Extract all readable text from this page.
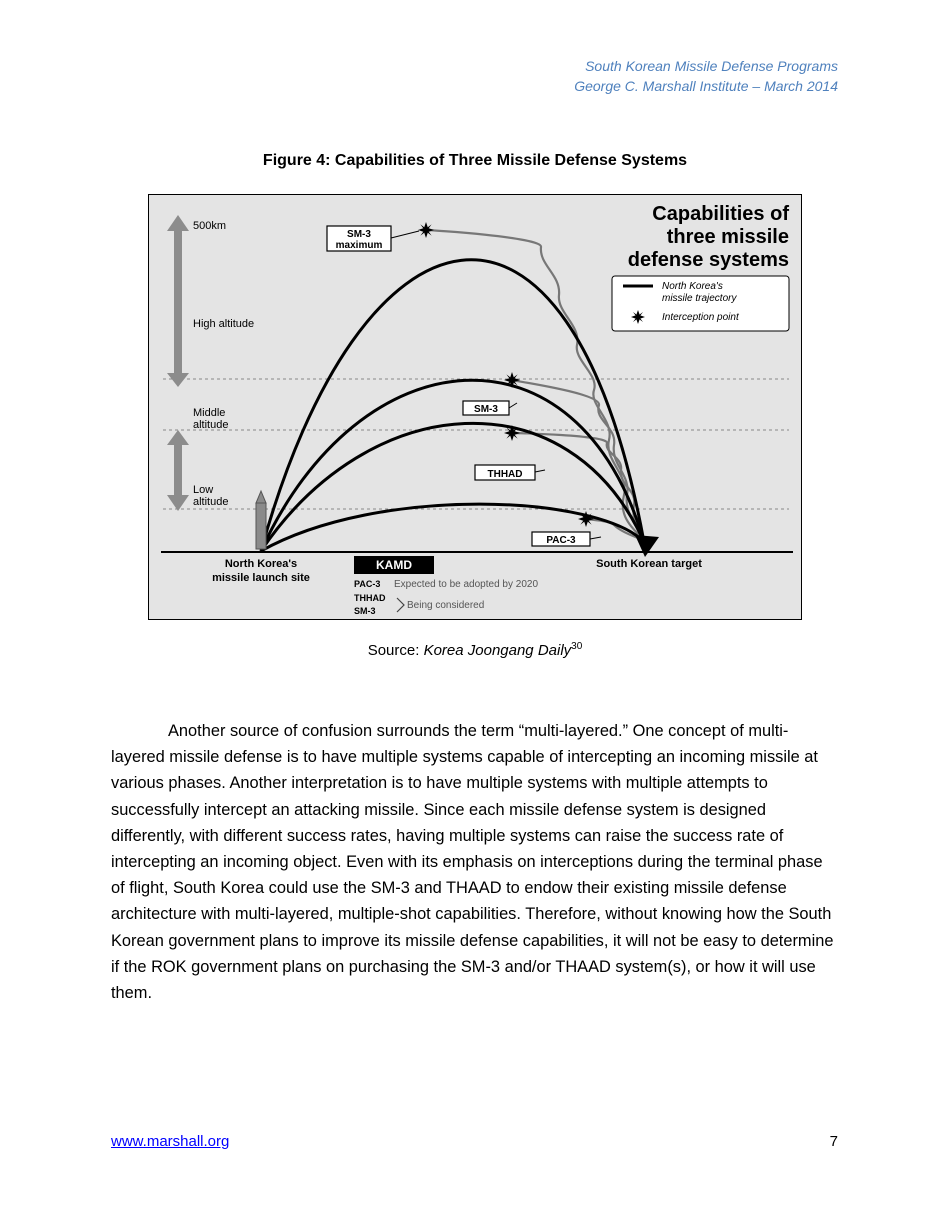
South Korean Missile Defense Programs
George C. Marshall Institute – March 2014
Figure 4: Capabilities of Three Missile Defense Systems
500km
High altitude
Middle
altitude
Low
altitude
SM-3
maximum
SM-3
THHAD
PAC-3
Capabilities of
three missile
defense systems
North Korea's
missile trajectory
Interception point
North Korea's
missile launch site
South Korean target
KAMD
PAC-3 Expected to be adopted by 2020
THHAD
SM-3	Being considered
Source: Korea Joongang Daily$^{30}$

Another source of confusion surrounds the term “multi-layered.” One concept of multi-layered missile defense is to have multiple systems capable of intercepting an incoming missile at various phases. Another interpretation is to have multiple systems with multiple attempts to successfully intercept an attacking missile. Since each missile defense system is designed differently, with different success rates, having multiple systems can raise the success rate of intercepting an incoming object. Even with its emphasis on interceptions during the terminal phase of flight, South Korea could use the SM-3 and THAAD to endow their existing missile defense architecture with multi-layered, multiple-shot capabilities. Therefore, without knowing how the South Korean government plans to improve its missile defense capabilities, it will not be easy to determine if the ROK government plans on purchasing the SM-3 and/or THAAD system(s), or how it will use them.

www.marshall.org	7
